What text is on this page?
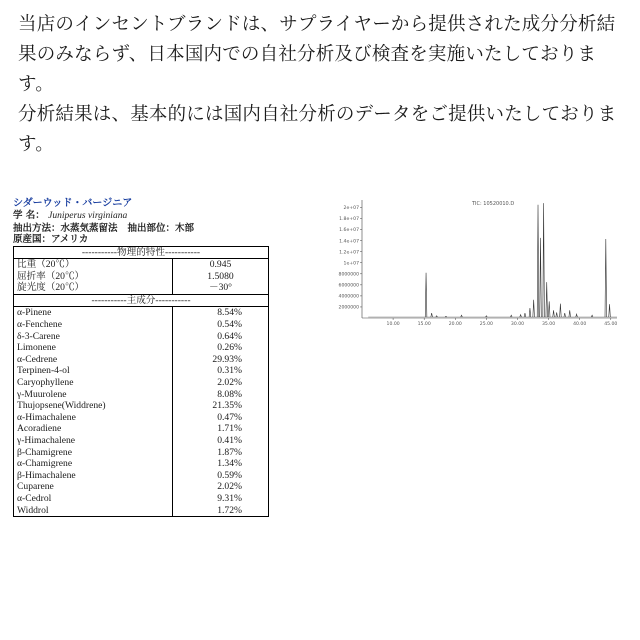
当店のインセントブランドは、サプライヤーから提供された成分分析結果のみならず、日本国内での自社分析及び検査を実施いたしております。

分析結果は、基本的には国内自社分析のデータをご提供いたしております。

シダーウッド・バージニア
学 名： Juniperus virginiana
抽出方法：水蒸気蒸留法 抽出部位：木部
原産国：アメリカ
-----------物理的特性-----------	
比重（20℃）	0.945
屈折率（20℃）	1.5080
旋光度（20℃）	－30°
-----------主成分-----------	
α-Pinene	8.54%
α-Fenchene	0.54%
δ-3-Carene	0.64%
Limonene	0.26%
α-Cedrene	29.93%
Terpinen-4-ol	0.31%
Caryophyllene	2.02%
γ-Muurolene	8.08%
Thujopsene(Widdrene)	21.35%
α-Himachalene	0.47%
Acoradiene	1.71%
γ-Himachalene	0.41%
β-Chamigrene	1.87%
α-Chamigrene	1.34%
β-Himachalene	0.59%
Cuparene	2.02%
α-Cedrol	9.31%
Widdrol	1.72%
TIC: 10520010.D
2e+07
1.8e+07
1.6e+07
1.4e+07
1.2e+07
1e+07
8000000
6000000
4000000
2000000
10.00	15.00	20.00	25.00	30.00	35.00	40.00	45.00
